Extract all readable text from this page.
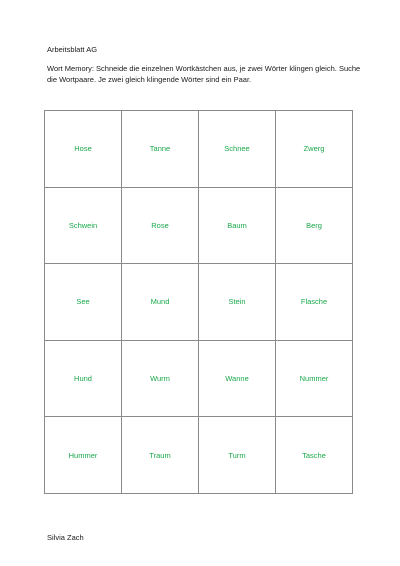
Arbeitsblatt AG
Wort Memory: Schneide die einzelnen Wortkästchen aus, je zwei Wörter klingen gleich. Suche die Wortpaare. Je zwei gleich klingende Wörter sind ein Paar.
Hose	Tanne	Schnee	Zwerg
Schwein	Rose	Baum	Berg
See	Mund	Stein	Flasche
Hund	Wurm	Wanne	Nummer
Hummer	Traum	Turm	Tasche
Silvia Zach
